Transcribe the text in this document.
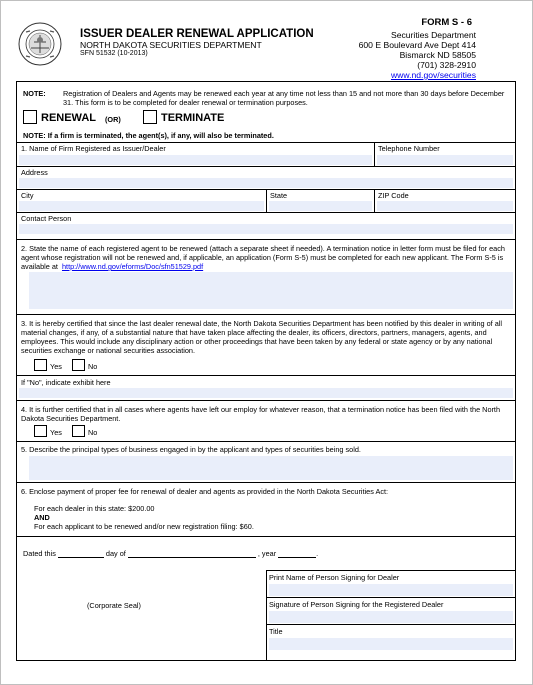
ISSUER DEALER RENEWAL APPLICATION
NORTH DAKOTA SECURITIES DEPARTMENT
SFN 51532 (10-2013)
FORM S - 6
Securities Department
600 E Boulevard Ave Dept 414
Bismarck ND 58505
(701) 328-2910
www.nd.gov/securities
NOTE: Registration of Dealers and Agents may be renewed each year at any time not less than 15 and not more than 30 days before December 31. This form is to be completed for dealer renewal or termination purposes.
RENEWAL (OR)	TERMINATE
NOTE: If a firm is terminated, the agent(s), if any, will also be terminated.
1. Name of Firm Registered as Issuer/Dealer	Telephone Number
Address
City	State	ZIP Code
Contact Person
2. State the name of each registered agent to be renewed (attach a separate sheet if needed). A termination notice in letter form must be filed for each agent whose registration will not be renewed and, if applicable, an application (Form S-5) must be completed for each new applicant. The Form S-5 is available at http://www.nd.gov/eforms/Doc/sfn51529.pdf
3. It is hereby certified that since the last dealer renewal date, the North Dakota Securities Department has been notified by this dealer in writing of all material changes, if any, of a substantial nature that have taken place affecting the dealer, its officers, directors, partners, managers, agents, and employees. This would include any disciplinary action or other proceedings that have been taken by any federal or state agency or by any national securities exchange or national securities association.
Yes	No
If "No", indicate exhibit here
4. It is further certified that in all cases where agents have left our employ for whatever reason, that a termination notice has been filed with the North Dakota Securities Department.
Yes	No
5. Describe the principal types of business engaged in by the applicant and types of securities being sold.
6. Enclose payment of proper fee for renewal of dealer and agents as provided in the North Dakota Securities Act:
For each dealer in this state: $200.00
AND
For each applicant to be renewed and/or new registration filing: $60.
Dated this	day of	, year	.
Print Name of Person Signing for Dealer
(Corporate Seal)	Signature of Person Signing for the Registered Dealer
Title
